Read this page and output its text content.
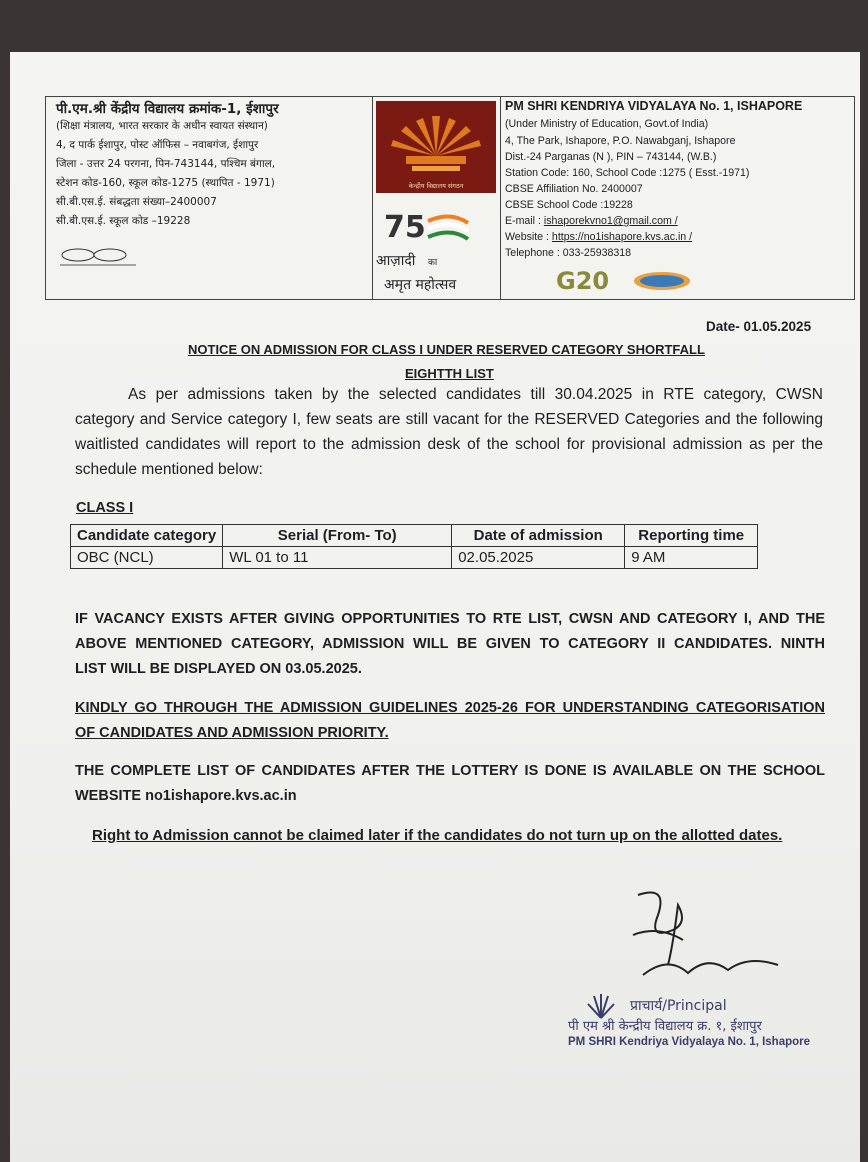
पी.एम.श्री केंद्रीय विद्यालय क्रमांक-1, ईशापुर
(शिक्षा मंत्रालय, भारत सरकार के अधीन स्वायत संस्थान)
4, द पार्क ईशापुर, पोस्ट ऑफिस – नवाबगंज, ईशापुर
जिला - उत्तर 24 परगना, पिन-743144, पश्चिम बंगाल,
स्टेशन कोड-160, स्कूल कोड-1275 (स्थापित - 1971)
सी.बी.एस.ई. संबद्धता संख्या–2400007
सी.बी.एस.ई. स्कूल कोड –19228
केन्द्रीय विद्यालय संगठन
75
आज़ादी का
अमृत महोत्सव
PM SHRI KENDRIYA VIDYALAYA No. 1, ISHAPORE
(Under Ministry of Education, Govt.of India)
4, The Park, Ishapore, P.O. Nawabganj, Ishapore
Dist.-24 Parganas (N ), PIN – 743144, (W.B.)
Station Code: 160, School Code :1275 ( Esst.-1971)
CBSE Affiliation No. 2400007
CBSE School Code :19228
E-mail : ishaporekvno1@gmail.com /
Website : https://no1ishapore.kvs.ac.in /
Telephone : 033-25938318
G20
Date- 01.05.2025
NOTICE ON ADMISSION FOR CLASS I UNDER RESERVED CATEGORY SHORTFALL
EIGHTTH LIST
As per admissions taken by the selected candidates till 30.04.2025 in RTE category, CWSN
category and Service category I, few seats are still vacant for the RESERVED Categories and the following
waitlisted candidates will report to the admission desk of the school for provisional admission as per the
schedule mentioned below:
CLASS I
Candidate category	Serial (From- To)	Date of admission	Reporting time
OBC (NCL)	WL 01 to 11	02.05.2025	9 AM
IF VACANCY EXISTS AFTER GIVING OPPORTUNITIES TO RTE LIST, CWSN AND CATEGORY I, AND THE
ABOVE MENTIONED CATEGORY, ADMISSION WILL BE GIVEN TO CATEGORY II CANDIDATES. NINTH
LIST WILL BE DISPLAYED ON 03.05.2025.
KINDLY GO THROUGH THE ADMISSION GUIDELINES 2025-26 FOR UNDERSTANDING CATEGORISATION
OF CANDIDATES AND ADMISSION PRIORITY.
THE COMPLETE LIST OF CANDIDATES AFTER THE LOTTERY IS DONE IS AVAILABLE ON THE SCHOOL
WEBSITE no1ishapore.kvs.ac.in
Right to Admission cannot be claimed later if the candidates do not turn up on the allotted dates.
प्राचार्य/Principal
पी एम श्री केन्द्रीय विद्यालय क्र. १, ईशापुर
PM SHRI Kendriya Vidyalaya No. 1, Ishapore
